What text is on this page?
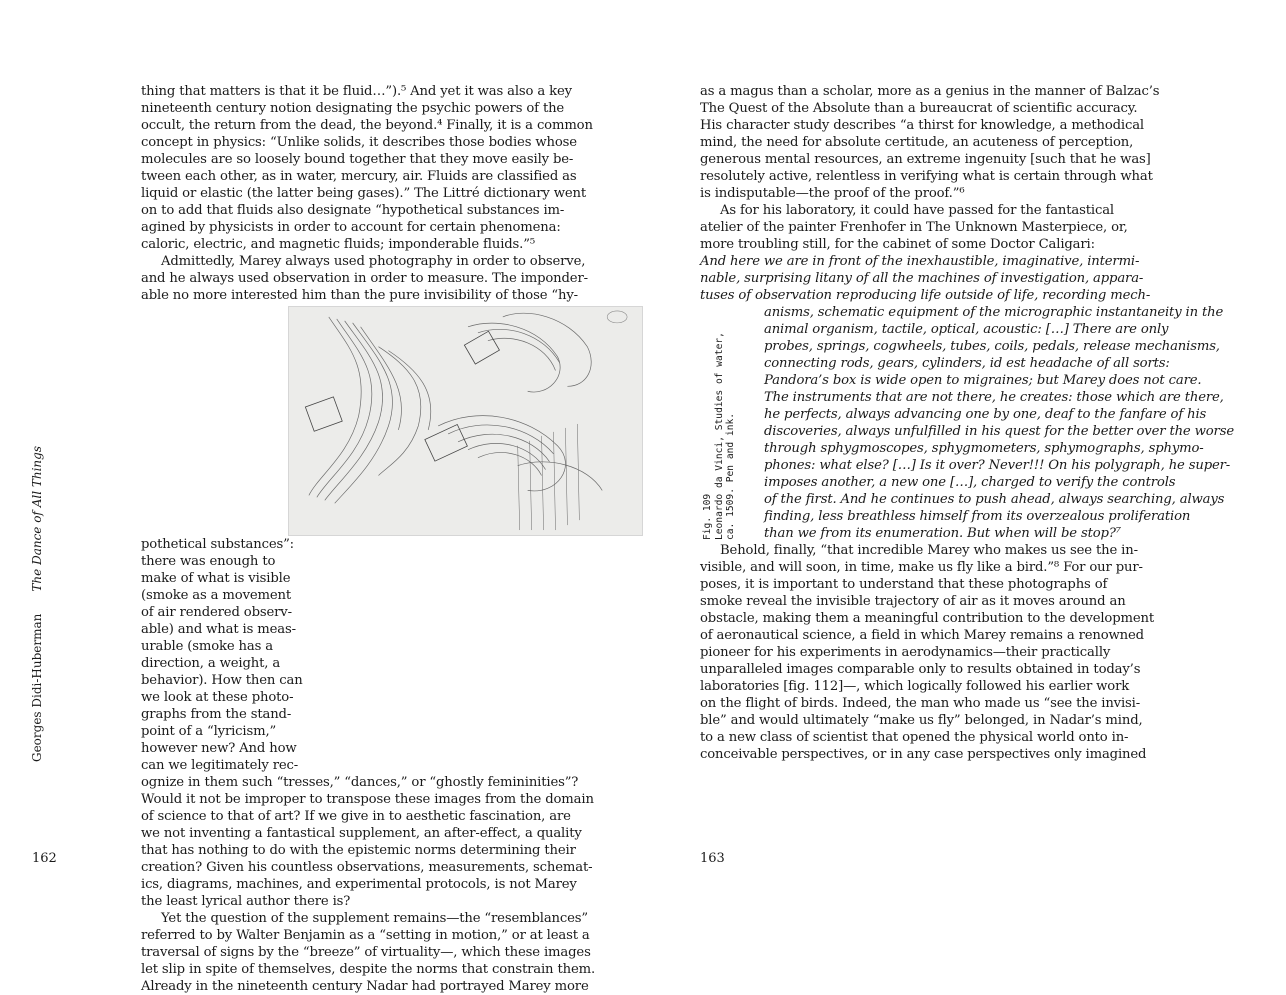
Georges Didi-HubermanThe Dance of All Things

thing that matters is that it be fluid…”).⁵ And yet it was also a key
nineteenth century notion designating the psychic powers of the
occult, the return from the dead, the beyond.⁴ Finally, it is a common
concept in physics: “Unlike solids, it describes those bodies whose
molecules are so loosely bound together that they move easily be-
tween each other, as in water, mercury, air. Fluids are classified as
liquid or elastic (the latter being gases).” The Littré dictionary went
on to add that fluids also designate “hypothetical substances im-
agined by physicists in order to account for certain phenomena:
caloric, electric, and magnetic fluids; imponderable fluids.”⁵

Admittedly, Marey always used photography in order to observe,
and he always used observation in order to measure. The imponder-
able no more interested him than the pure invisibility of those “hy-

pothetical substances”:
there was enough to
make of what is visible
(smoke as a movement
of air rendered observ-
able) and what is meas-
urable (smoke has a
direction, a weight, a
behavior). How then can
we look at these photo-
graphs from the stand-
point of a “lyricism,”
however new? And how
can we legitimately rec-

ognize in them such “tresses,” “dances,” or “ghostly femininities”?
Would it not be improper to transpose these images from the domain
of science to that of art? If we give in to aesthetic fascination, are
we not inventing a fantastical supplement, an after-effect, a quality
that has nothing to do with the epistemic norms determining their
creation? Given his countless observations, measurements, schemat-
ics, diagrams, machines, and experimental protocols, is not Marey
the least lyrical author there is?

Yet the question of the supplement remains—the “resemblances”
referred to by Walter Benjamin as a “setting in motion,” or at least a
traversal of signs by the “breeze” of virtuality—, which these images
let slip in spite of themselves, despite the norms that constrain them.
Already in the nineteenth century Nadar had portrayed Marey more

162

as a magus than a scholar, more as a genius in the manner of Balzac’s
The Quest of the Absolute than a bureaucrat of scientific accuracy.
His character study describes “a thirst for knowledge, a methodical
mind, the need for absolute certitude, an acuteness of perception,
generous mental resources, an extreme ingenuity [such that he was]
resolutely active, relentless in verifying what is certain through what
is indisputable—the proof of the proof.”⁶

As for his laboratory, it could have passed for the fantastical
atelier of the painter Frenhofer in The Unknown Masterpiece, or,
more troubling still, for the cabinet of some Doctor Caligari:

And here we are in front of the inexhaustible, imaginative, intermi-
nable, surprising litany of all the machines of investigation, appara-
tuses of observation reproducing life outside of life, recording mech-
anisms, schematic equipment of the micrographic instantaneity in the
animal organism, tactile, optical, acoustic: […] There are only
probes, springs, cogwheels, tubes, coils, pedals, release mechanisms,
connecting rods, gears, cylinders, id est headache of all sorts:
Pandora’s box is wide open to migraines; but Marey does not care.
The instruments that are not there, he creates: those which are there,
he perfects, always advancing one by one, deaf to the fanfare of his
discoveries, always unfulfilled in his quest for the better over the worse
through sphygmoscopes, sphygmometers, sphymographs, sphymo-
phones: what else? […] Is it over? Never!!! On his polygraph, he super-
imposes another, a new one […], charged to verify the controls
of the first. And he continues to push ahead, always searching, always
finding, less breathless himself from its overzealous proliferation
than we from its enumeration. But when will be stop?⁷

Behold, finally, “that incredible Marey who makes us see the in-
visible, and will soon, in time, make us fly like a bird.”⁸ For our pur-
poses, it is important to understand that these photographs of
smoke reveal the invisible trajectory of air as it moves around an
obstacle, making them a meaningful contribution to the development
of aeronautical science, a field in which Marey remains a renowned
pioneer for his experiments in aerodynamics—their practically
unparalleled images comparable only to results obtained in today’s
laboratories [fig. 112]—, which logically followed his earlier work
on the flight of birds. Indeed, the man who made us “see the invisi-
ble” and would ultimately “make us fly” belonged, in Nadar’s mind,
to a new class of scientist that opened the physical world onto in-
conceivable perspectives, or in any case perspectives only imagined

Fig. 109 Leonardo da Vinci, Studies of water, ca. 1509. Pen and ink.
163
